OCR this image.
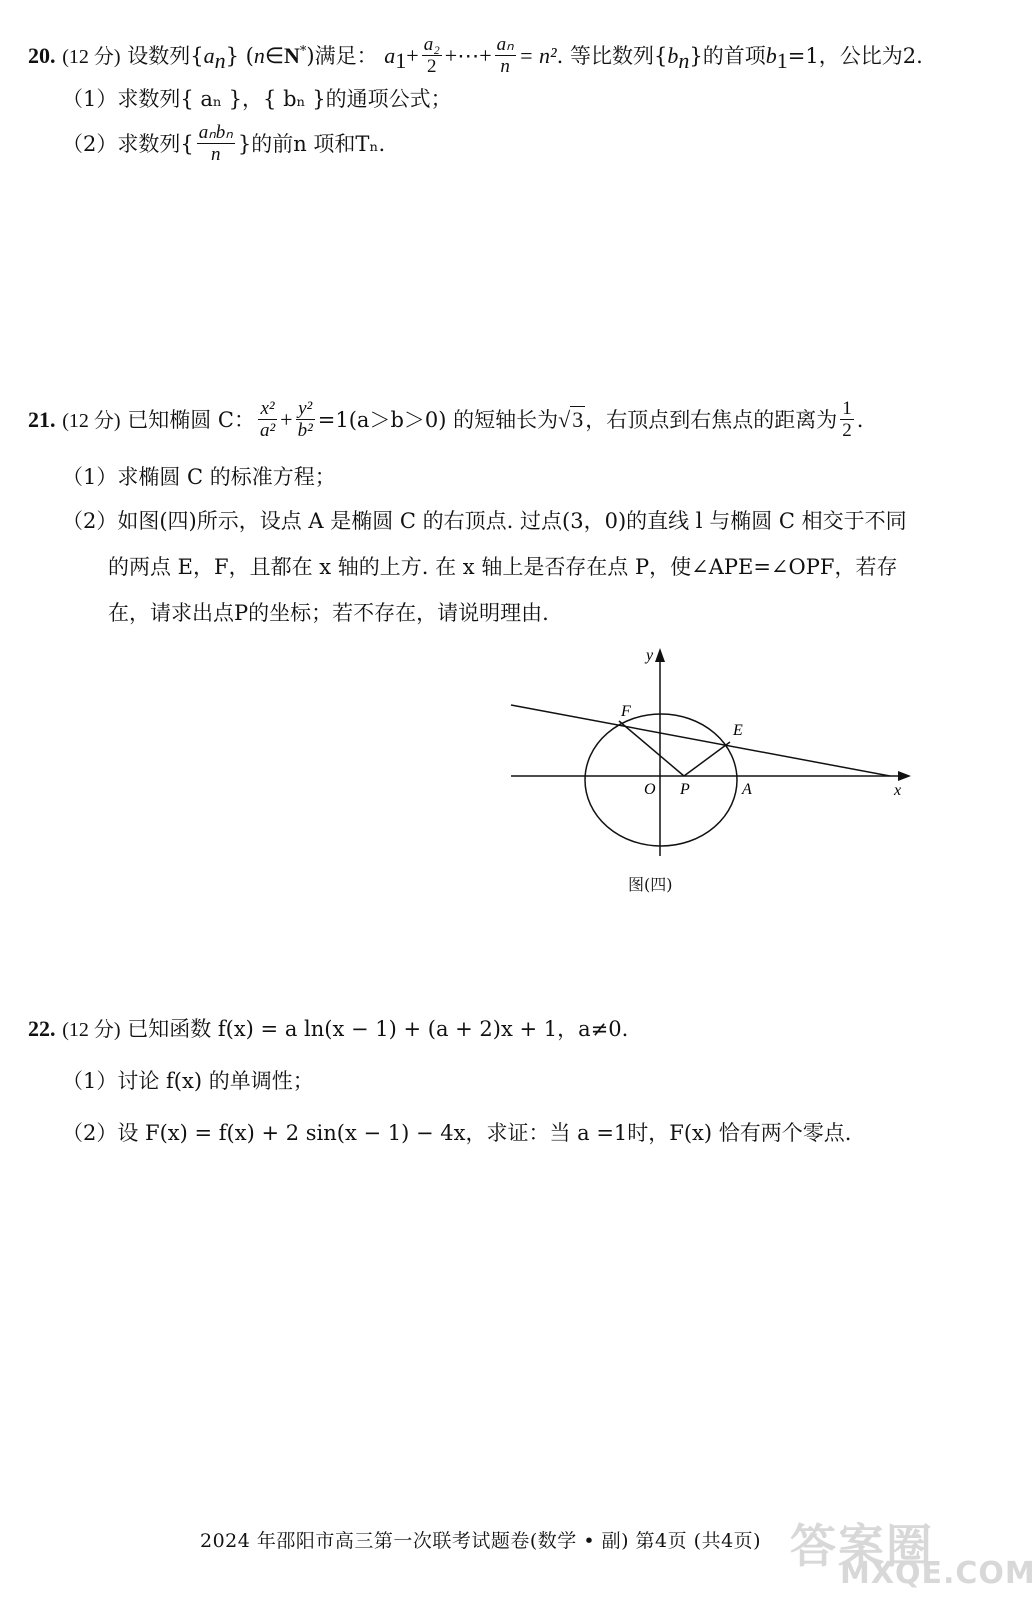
20. (12 分) 设数列$\{a_n\}$ (n∈N*)满足： $a_1+ \frac{\text{a₂}}{2}$ +⋯+ $\frac{\text{aₙ}}{n} = n^2$. 等比数列$\{b_n\}$的首项$b_1=1$，公比为2.
（1）求数列{ aₙ }，{ bₙ }的通项公式；
（2）求数列{ $\frac{\text{aₙbₙ}}{n}$ }的前n 项和Tₙ.
21. (12 分) 已知椭圆 C： $\frac{\text{x²}}{\text{a²}} + \frac{\text{y²}}{\text{b²}} =1(a>b>0)$ 的短轴长为√3，右顶点到右焦点的距离为 $\frac{1}{2}$ .
（1）求椭圆 C 的标准方程；
（2）如图(四)所示，设点 A 是椭圆 C 的右顶点. 过点(3，0)的直线 l 与椭圆 C 相交于不同
的两点 E，F，且都在 x 轴的上方. 在 x 轴上是否存在点 P，使∠APE=∠OPF，若存
在，请求出点P的坐标；若不存在，请说明理由.
y
x
F
E
O P	A
图(四)
22. (12 分) 已知函数 f(x) = a ln(x − 1) + (a + 2)x + 1，a≠0.
（1）讨论 f(x) 的单调性；
（2）设 F(x) = f(x) + 2 sin(x − 1) − 4x，求证：当 a =1时，F(x) 恰有两个零点.
2024 年邵阳市高三第一次联考试题卷(数学 • 副) 第4页 (共4页) 答案圈
MXQE.COM
